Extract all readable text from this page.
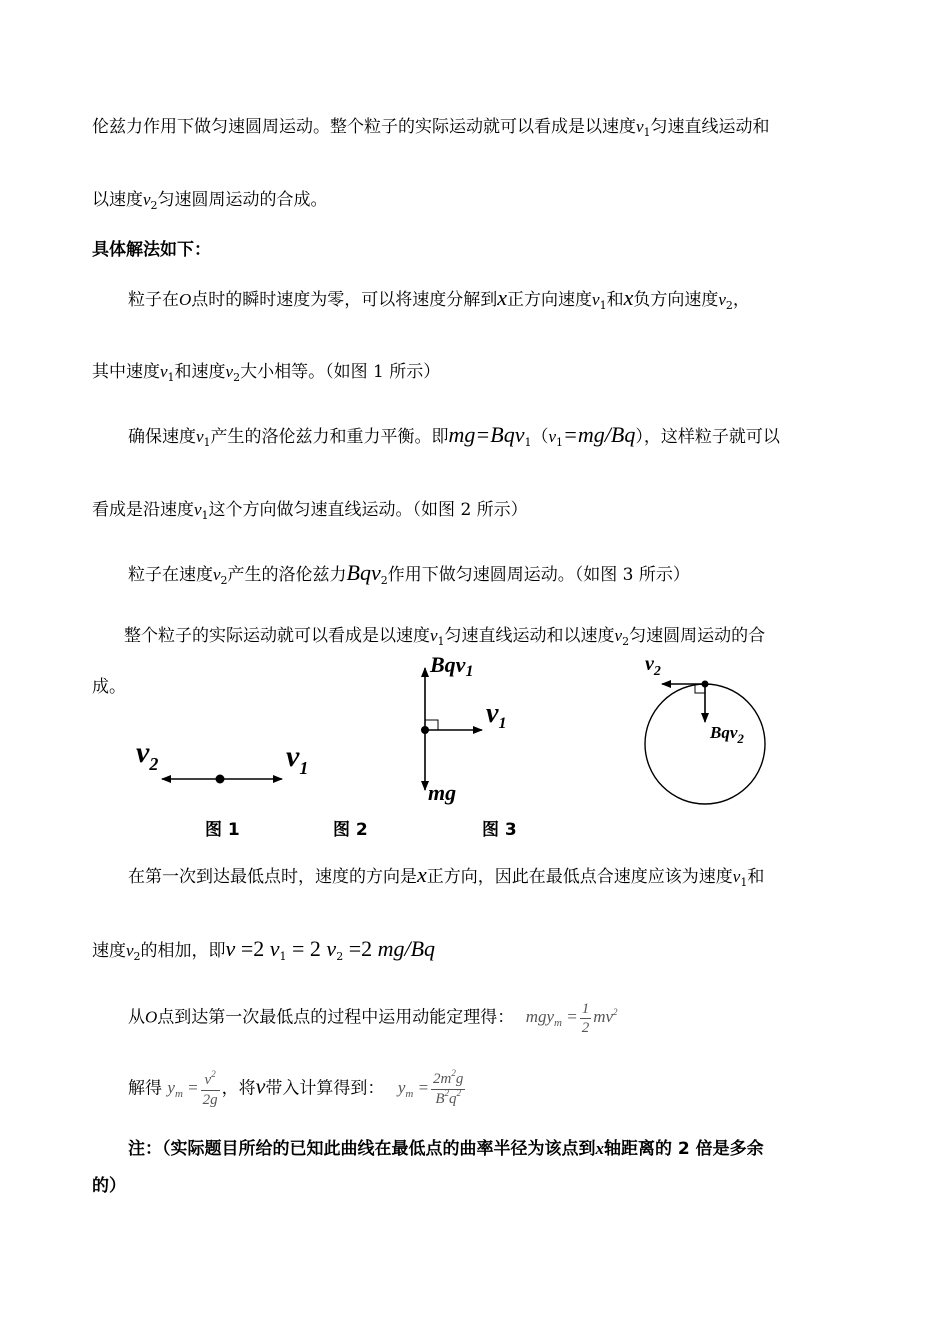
伦兹力作用下做匀速圆周运动。整个粒子的实际运动就可以看成是以速度$v_1$匀速直线运动和
以速度$v_2$匀速圆周运动的合成。
具体解法如下：
粒子在O点时的瞬时速度为零，可以将速度分解到x正方向速度$v_1$和x负方向速度$v_2$，
其中速度$v_1$和速度$v_2$大小相等。（如图 1 所示）
确保速度$v_1$产生的洛伦兹力和重力平衡。即$mg=Bqv_1(v_1=mg/Bq)$，这样粒子就可以
看成是沿速度$v_1$这个方向做匀速直线运动。（如图 2 所示）
粒子在速度$v_2$产生的洛伦兹力Bqv$_2$作用下做匀速圆周运动。（如图 3 所示）
整个粒子的实际运动就可以看成是以速度$v_1$匀速直线运动和以速度$v_2$匀速圆周运动的合
成。
$v_2$	$v_1$
Bqv1
$v_1$
mg
$v_2$
Bqv$_2$
图 1	图 2	图 3
在第一次到达最低点时，速度的方向是x正方向，因此在最低点合速度应该为速度$v_1$和
速度$v_2$的相加，即v =2 $v_1 = 2$ $v_2 =2$ mg/Bq
从O点到达第一次最低点的过程中运用动能定理得： $mgy_m = \frac{1}{2} mv^2$
解得 $y_m = \frac{v^2}{2g}$ ，将v带入计算得到： $y_m = \frac{2m^2g}{B^2q^2}$
注：（实际题目所给的已知此曲线在最低点的曲率半径为该点到x轴距离的 2 倍是多余
的）
